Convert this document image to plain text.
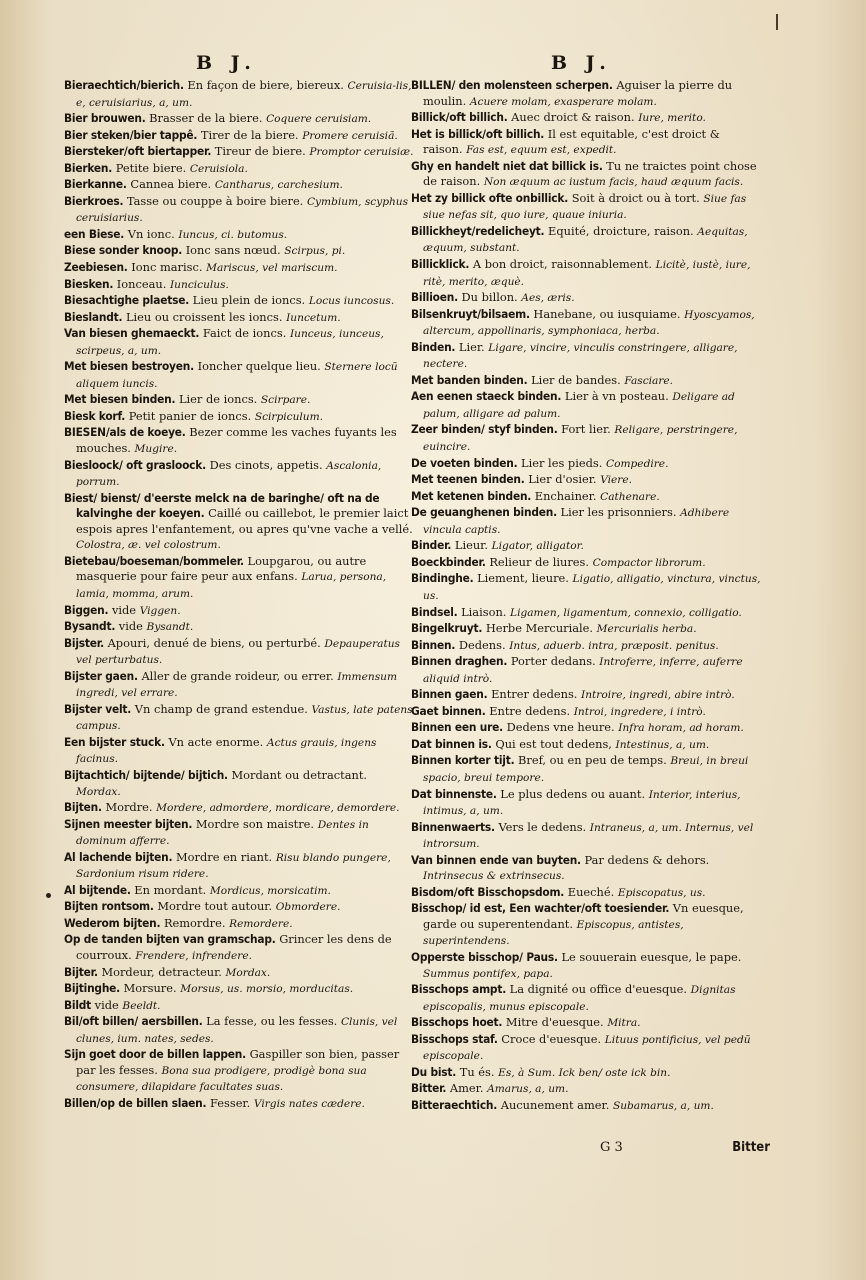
B J.	B J.

Bieraechtich/bierich. En façon de biere, biereux. Ceruisia-lis, e, ceruisiarius, a, um.

Bier brouwen. Brasser de la biere. Coquere ceruisiam.

Bier steken/bier tappê. Tirer de la biere. Promere ceruisiã.

Biersteker/oft biertapper. Tireur de biere. Promptor ceruisiæ.

Bierken. Petite biere. Ceruisiola.

Bierkanne. Cannea biere. Cantharus, carchesium.

Bierkroes. Tasse ou couppe à boire biere. Cymbium, scyphus ceruisiarius.

een Biese. Vn ionc. Iuncus, ci. butomus.

Biese sonder knoop. Ionc sans nœud. Scirpus, pi.

Zeebiesen. Ionc marisc. Mariscus, vel mariscum.

Biesken. Ionceau. Iunciculus.

Biesachtighe plaetse. Lieu plein de ioncs. Locus iuncosus.

Bieslandt. Lieu ou croissent les ioncs. Iuncetum.

Van biesen ghemaeckt. Faict de ioncs. Iunceus, iunceus, scirpeus, a, um.

Met biesen bestroyen. Ioncher quelque lieu. Sternere locũ aliquem iuncis.

Met biesen binden. Lier de ioncs. Scirpare.

Biesk korf. Petit panier de ioncs. Scirpiculum.

BIESEN/als de koeye. Bezer comme les vaches fuyants les mouches. Mugire.

Biesloock/ oft grasloock. Des cinots, appetis. Ascalonia, porrum.

Biest/ bienst/ d'eerste melck na de baringhe/ oft na de kalvinghe der koeyen. Caillé ou caillebot, le premier laict espois apres l'enfantement, ou apres qu'vne vache a vellé. Colostra, æ. vel colostrum.

Bietebau/boeseman/bommeler. Loupgarou, ou autre masquerie pour faire peur aux enfans. Larua, persona, lamia, momma, arum.

Biggen. vide Viggen.

Bysandt. vide Bysandt.

Bijster. Apouri, denué de biens, ou perturbé. Depauperatus vel perturbatus.

Bijster gaen. Aller de grande roideur, ou errer. Immensum ingredi, vel errare.

Bijster velt. Vn champ de grand estendue. Vastus, late patens campus.

Een bijster stuck. Vn acte enorme. Actus grauis, ingens facinus.

Bijtachtich/ bijtende/ bijtich. Mordant ou detractant. Mordax.

Bijten. Mordre. Mordere, admordere, mordicare, demordere.

Sijnen meester bijten. Mordre son maistre. Dentes in dominum afferre.

Al lachende bijten. Mordre en riant. Risu blando pungere, Sardonium risum ridere.

Al bijtende. En mordant. Mordicus, morsicatim.

Bijten rontsom. Mordre tout autour. Obmordere.

Wederom bijten. Remordre. Remordere.

Op de tanden bijten van gramschap. Grincer les dens de courroux. Frendere, infrendere.

Bijter. Mordeur, detracteur. Mordax.

Bijtinghe. Morsure. Morsus, us. morsio, morducitas.

Bildt vide Beeldt.

Bil/oft billen/ aersbillen. La fesse, ou les fesses. Clunis, vel clunes, ium. nates, sedes.

Sijn goet door de billen lappen. Gaspiller son bien, passer par les fesses. Bona sua prodigere, prodigè bona sua consumere, dilapidare facultates suas.

Billen/op de billen slaen. Fesser. Virgis nates cædere.

BILLEN/ den molensteen scherpen. Aguiser la pierre du moulin. Acuere molam, exasperare molam.

Billick/oft billich. Auec droict & raison. Iure, merito.

Het is billick/oft billich. Il est equitable, c'est droict & raison. Fas est, equum est, expedit.

Ghy en handelt niet dat billick is. Tu ne traictes point chose de raison. Non æquum ac iustum facis, haud æquum facis.

Het zy billick ofte onbillick. Soit à droict ou à tort. Siue fas siue nefas sit, quo iure, quaue iniuria.

Billickheyt/redelicheyt. Equité, droicture, raison. Aequitas, æquum, substant.

Billicklick. A bon droict, raisonnablement. Licitè, iustè, iure, ritè, merito, æquè.

Billioen. Du billon. Aes, æris.

Bilsenkruyt/bilsaem. Hanebane, ou iusquiame. Hyoscyamos, altercum, appollinaris, symphoniaca, herba.

Binden. Lier. Ligare, vincire, vinculis constringere, alligare, nectere.

Met banden binden. Lier de bandes. Fasciare.

Aen eenen staeck binden. Lier à vn posteau. Deligare ad palum, alligare ad palum.

Zeer binden/ styf binden. Fort lier. Religare, perstringere, euincire.

De voeten binden. Lier les pieds. Compedire.

Met teenen binden. Lier d'osier. Viere.

Met ketenen binden. Enchainer. Cathenare.

De geuanghenen binden. Lier les prisonniers. Adhibere vincula captis.

Binder. Lieur. Ligator, alligator.

Boeckbinder. Relieur de liures. Compactor librorum.

Bindinghe. Liement, lieure. Ligatio, alligatio, vinctura, vinctus, us.

Bindsel. Liaison. Ligamen, ligamentum, connexio, colligatio.

Bingelkruyt. Herbe Mercuriale. Mercurialis herba.

Binnen. Dedens. Intus, aduerb. intra, præposit. penitus.

Binnen draghen. Porter dedans. Introferre, inferre, auferre aliquid intrò.

Binnen gaen. Entrer dedens. Introire, ingredi, abire intrò.

Gaet binnen. Entre dedens. Introi, ingredere, i intrò.

Binnen een ure. Dedens vne heure. Infra horam, ad horam.

Dat binnen is. Qui est tout dedens, Intestinus, a, um.

Binnen korter tijt. Bref, ou en peu de temps. Breui, in breui spacio, breui tempore.

Dat binnenste. Le plus dedens ou auant. Interior, interius, intimus, a, um.

Binnenwaerts. Vers le dedens. Intraneus, a, um. Internus, vel introrsum.

Van binnen ende van buyten. Par dedens & dehors. Intrinsecus & extrinsecus.

Bisdom/oft Bisschopsdom. Eueché. Episcopatus, us.

Bisschop/ id est, Een wachter/oft toesiender. Vn euesque, garde ou superentendant. Episcopus, antistes, superintendens.

Opperste bisschop/ Paus. Le souuerain euesque, le pape. Summus pontifex, papa.

Bisschops ampt. La dignité ou office d'euesque. Dignitas episcopalis, munus episcopale.

Bisschops hoet. Mitre d'euesque. Mitra.

Bisschops staf. Croce d'euesque. Lituus pontificius, vel pedũ episcopale.

Du bist. Tu és. Es, à Sum. Ick ben/ oste ick bin.

Bitter. Amer. Amarus, a, um.

Bitteraechtich. Aucunement amer. Subamarus, a, um.

G 3	Bitter
